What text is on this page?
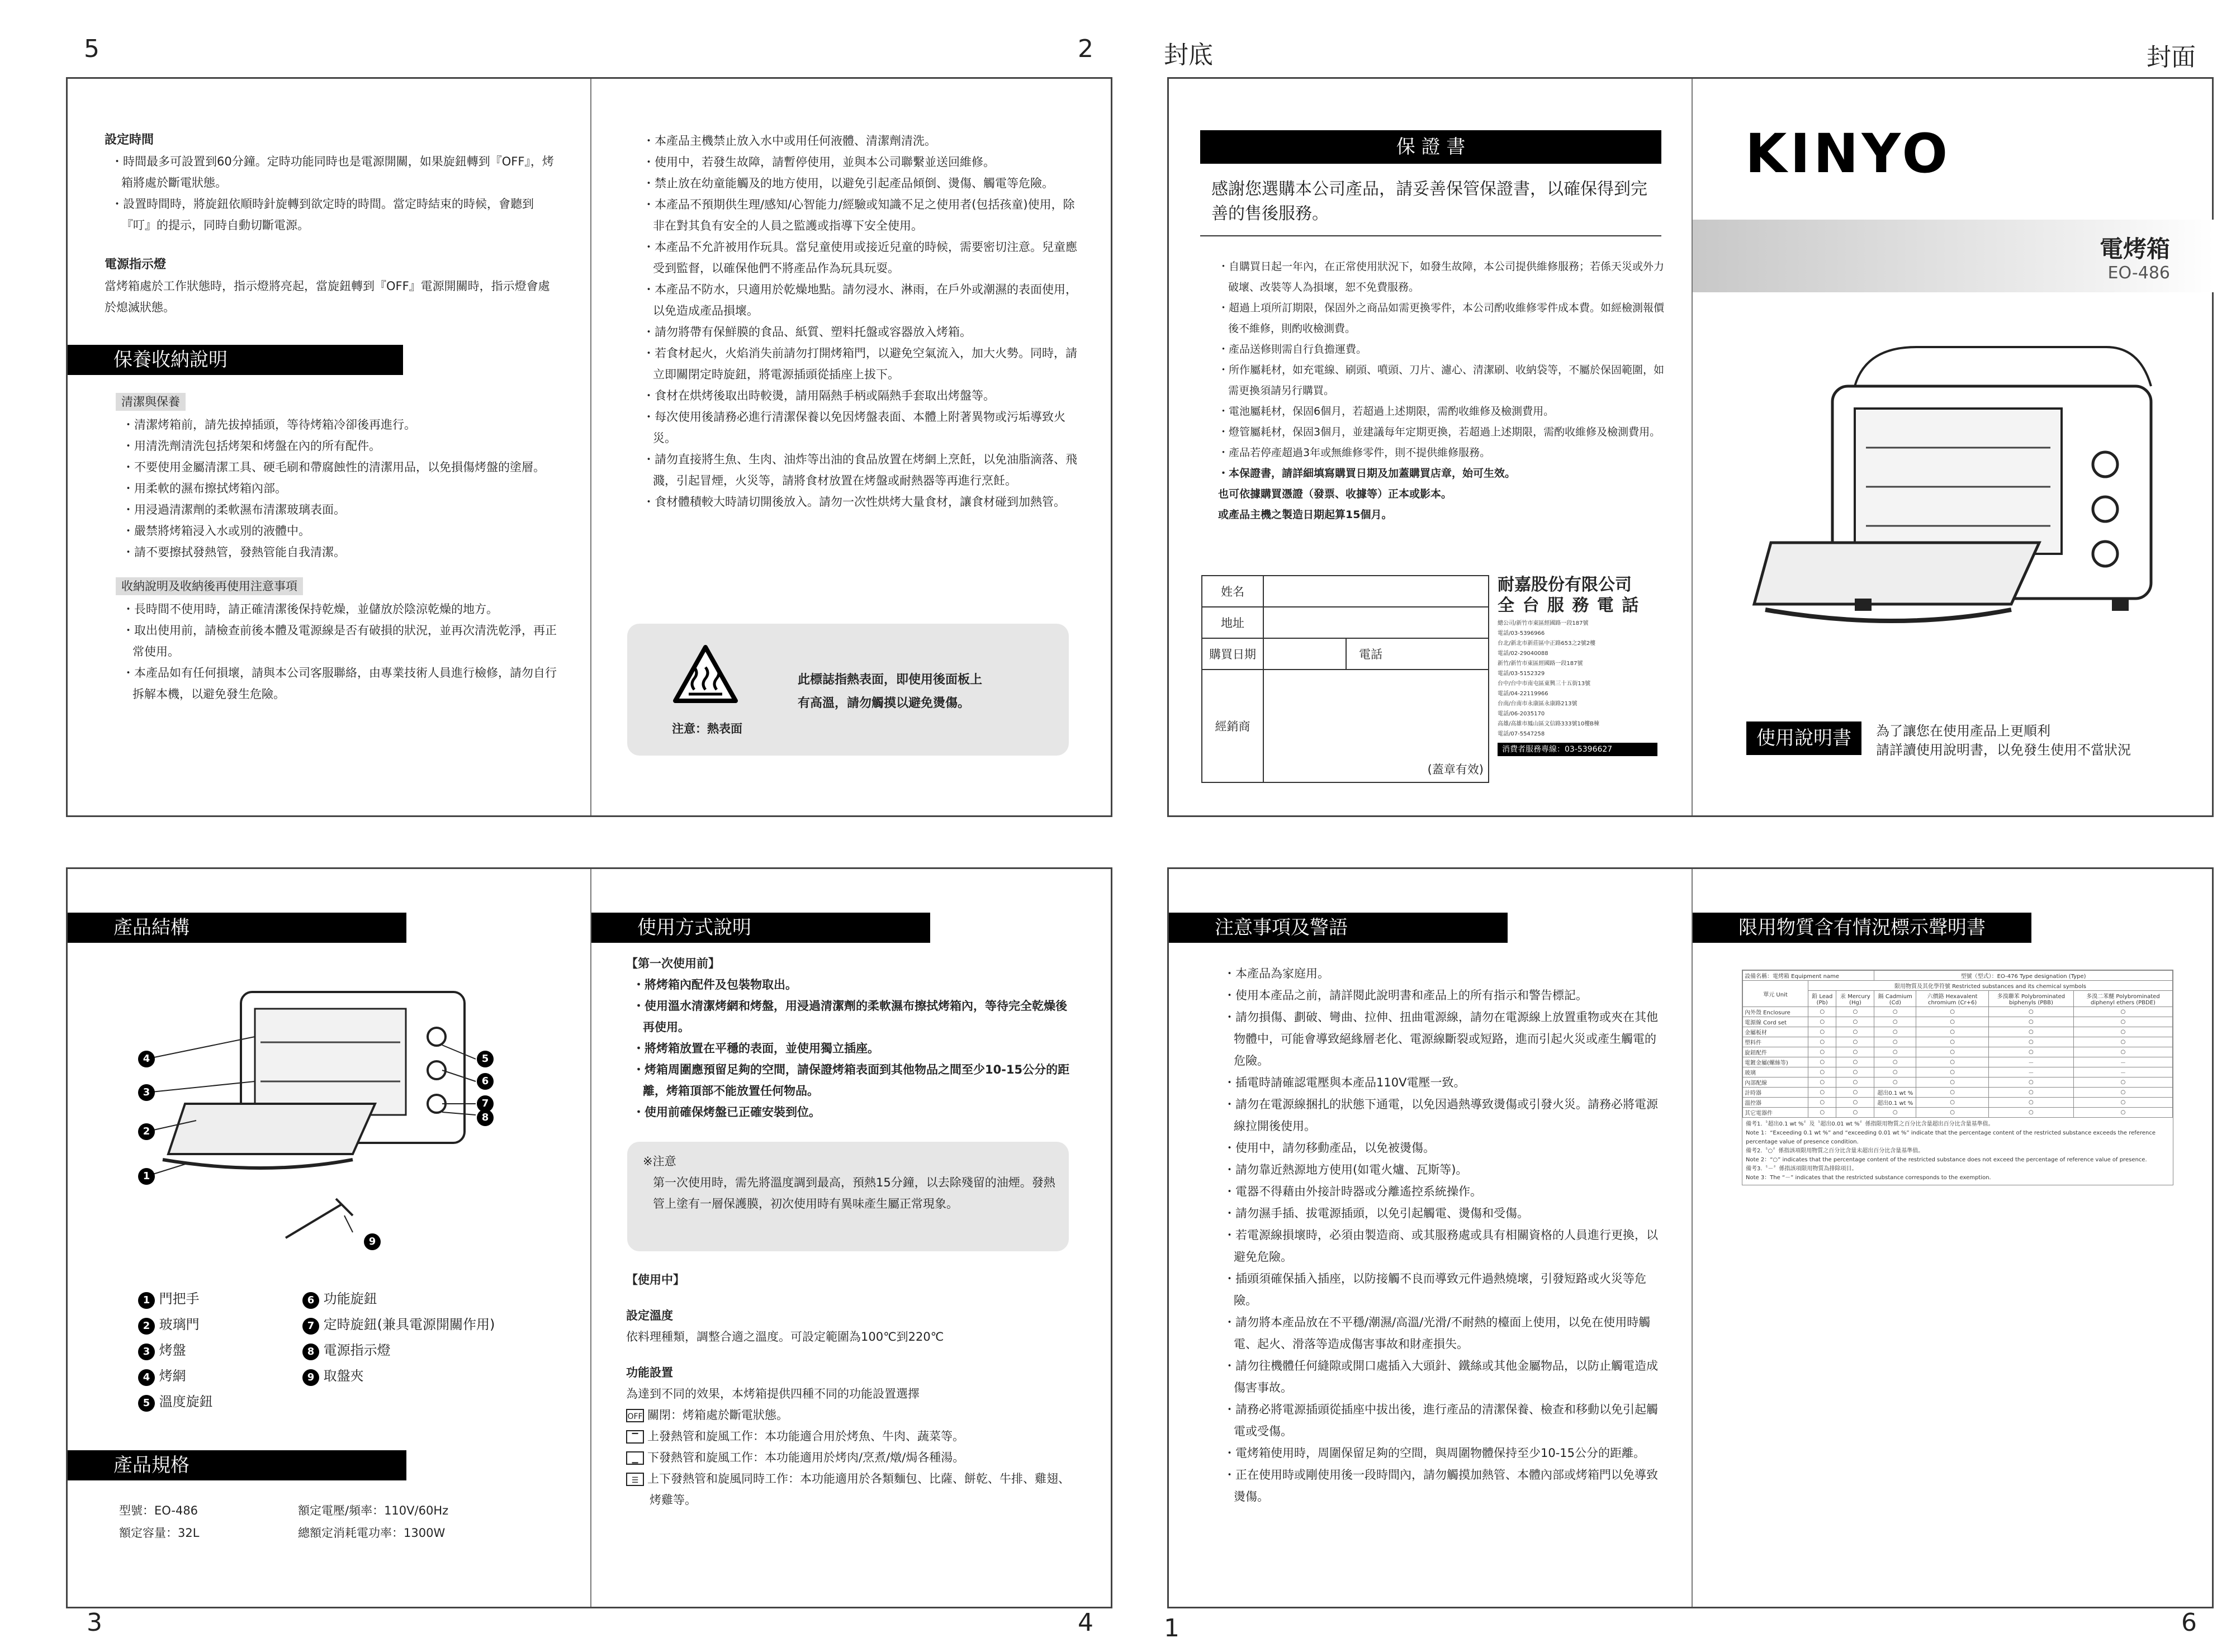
5	2	封底	封面
3	4	1	6
設定時間
・時間最多可設置到60分鐘。定時功能同時也是電源開關，如果旋鈕轉到『OFF』，烤箱將處於斷電狀態。
・設置時間時，將旋鈕依順時針旋轉到欲定時的時間。當定時結束的時候，會聽到『叮』的提示，同時自動切斷電源。
電源指示燈
當烤箱處於工作狀態時，指示燈將亮起，當旋鈕轉到『OFF』電源開關時，指示燈會處於熄滅狀態。
保養收納說明
清潔與保養
・清潔烤箱前，請先拔掉插頭，等待烤箱冷卻後再進行。
・用清洗劑清洗包括烤架和烤盤在內的所有配件。
・不要使用金屬清潔工具、硬毛刷和帶腐蝕性的清潔用品，以免損傷烤盤的塗層。
・用柔軟的濕布擦拭烤箱內部。
・用浸過清潔劑的柔軟濕布清潔玻璃表面。
・嚴禁將烤箱浸入水或別的液體中。
・請不要擦拭發熱管，發熱管能自我清潔。
收納說明及收納後再使用注意事項
・長時間不使用時，請正確清潔後保持乾燥，並儲放於陰涼乾燥的地方。
・取出使用前，請檢查前後本體及電源線是否有破損的狀況，並再次清洗乾淨，再正常使用。
・本產品如有任何損壞，請與本公司客服聯絡，由專業技術人員進行檢修，請勿自行拆解本機，以避免發生危險。
・本產品主機禁止放入水中或用任何液體、清潔劑清洗。
・使用中，若發生故障，請暫停使用，並與本公司聯繫並送回維修。
・禁止放在幼童能觸及的地方使用，以避免引起產品傾倒、燙傷、觸電等危險。
・本產品不預期供生理/感知/心智能力/經驗或知識不足之使用者(包括孩童)使用，除非在對其負有安全的人員之監護或指導下安全使用。
・本產品不允許被用作玩具。當兒童使用或接近兒童的時候，需要密切注意。兒童應受到監督，以確保他們不將產品作為玩具玩耍。
・本產品不防水，只適用於乾燥地點。請勿浸水、淋雨，在戶外或潮濕的表面使用，以免造成產品損壞。
・請勿將帶有保鮮膜的食品、紙質、塑料托盤或容器放入烤箱。
・若食材起火，火焰消失前請勿打開烤箱門，以避免空氣流入，加大火勢。同時，請立即關閉定時旋鈕，將電源插頭從插座上拔下。
・食材在烘烤後取出時較燙，請用隔熱手柄或隔熱手套取出烤盤等。
・每次使用後請務必進行清潔保養以免因烤盤表面、本體上附著異物或污垢導致火災。
・請勿直接將生魚、生肉、油炸等出油的食品放置在烤網上烹飪，以免油脂滴落、飛濺，引起冒煙，火災等，請將食材放置在烤盤或耐熱器等再進行烹飪。
・食材體積較大時請切開後放入。請勿一次性烘烤大量食材，讓食材碰到加熱管。
注意：熱表面
此標誌指熱表面，即使用後面板上
有高溫，請勿觸摸以避免燙傷。
保 證 書
感謝您選購本公司產品，請妥善保管保證書，以確保得到完善的售後服務。
・自購買日起一年內，在正常使用狀況下，如發生故障，本公司提供維修服務；若係天災或外力破壞、改裝等人為損壞，恕不免費服務。
・超過上項所訂期限，保固外之商品如需更換零件，本公司酌收維修零件成本費。如經檢測報價後不維修，則酌收檢測費。
・產品送修則需自行負擔運費。
・所作屬耗材，如充電線、刷頭、噴頭、刀片、濾心、清潔刷、收納袋等，不屬於保固範圍，如需更換須請另行購買。
・電池屬耗材，保固6個月，若超過上述期限，需酌收維修及檢測費用。
・燈管屬耗材，保固3個月，並建議每年定期更換，若超過上述期限，需酌收維修及檢測費用。
・產品若停產超過3年或無維修零件，則不提供維修服務。
・本保證書，請詳細填寫購買日期及加蓋購買店章，始可生效。
也可依據購買憑證（發票、收據等）正本或影本。
或產品主機之製造日期起算15個月。
姓名			
地址			
購買日期		電話	
經銷商	(蓋章有效)		
耐嘉股份有限公司
全 台 服 務 電 話
總公司/新竹市東區經國路一段187號
電話/03-5396966
台北/新北市新莊區中正路653之2號2樓
電話/02-29040088
新竹/新竹市東區經國路一段187號
電話/03-5152329
台中/台中市南屯區東興三十五街13號
電話/04-22119966
台南/台南市永康區永康路213號
電話/06-2035170
高雄/高雄市鳳山區文信路333號10樓B棟
電話/07-5547258
消費者服務專線：03-5396627
KINYO
電烤箱
EO-486
使用說明書	為了讓您在使用產品上更順利
請詳讀使用說明書，以免發生使用不當狀況
產品結構
4
3
2
1
5
6
7
8
9
1 門把手
2 玻璃門
3 烤盤
4 烤網
5 溫度旋鈕
6 功能旋鈕
7 定時旋鈕(兼具電源開關作用)
8 電源指示燈
9 取盤夾
產品規格
型號：EO-486
額定容量：32L
額定電壓/頻率：110V/60Hz
總額定消耗電功率：1300W
使用方式說明
【第一次使用前】
・將烤箱內配件及包裝物取出。
・使用溫水清潔烤網和烤盤，用浸過清潔劑的柔軟濕布擦拭烤箱內，等待完全乾燥後再使用。
・將烤箱放置在平穩的表面，並使用獨立插座。
・烤箱周圍應預留足夠的空間，請保證烤箱表面到其他物品之間至少10-15公分的距離，烤箱頂部不能放置任何物品。
・使用前確保烤盤已正確安裝到位。
※注意
第一次使用時，需先將溫度調到最高，預熱15分鐘，以去除殘留的油煙。發熱管上塗有一層保護膜，初次使用時有異味產生屬正常現象。
【使用中】
設定溫度
依料理種類，調整合適之溫度。可設定範圍為100℃到220℃
功能設置
為達到不同的效果，本烤箱提供四種不同的功能設置選擇
OFF 關閉：烤箱處於斷電狀態。
▔ 上發熱管和旋風工作：本功能適合用於烤魚、牛肉、蔬菜等。
▁ 下發熱管和旋風工作：本功能適用於烤肉/烹煮/燉/焗各種湯。
☰ 上下發熱管和旋風同時工作：本功能適用於各類麵包、比薩、餅乾、牛排、雞翅、烤雞等。
注意事項及警語
・本產品為家庭用。
・使用本產品之前，請詳閱此說明書和產品上的所有指示和警告標記。
・請勿損傷、劃破、彎曲、拉伸、扭曲電源線，請勿在電源線上放置重物或夾在其他物體中，可能會導致絕緣層老化、電源線斷裂或短路，進而引起火災或產生觸電的危險。
・插電時請確認電壓與本產品110V電壓一致。
・請勿在電源線捆扎的狀態下通電，以免因過熱導致燙傷或引發火災。請務必將電源線拉開後使用。
・使用中，請勿移動產品，以免被燙傷。
・請勿靠近熱源地方使用(如電火爐、瓦斯等)。
・電器不得藉由外接計時器或分離遙控系統操作。
・請勿濕手插、拔電源插頭，以免引起觸電、燙傷和受傷。
・若電源線損壞時，必須由製造商、或其服務處或具有相關資格的人員進行更換，以避免危險。
・插頭須確保插入插座，以防接觸不良而導致元件過熱燒壞，引發短路或火災等危險。
・請勿將本產品放在不平穩/潮濕/高溫/光滑/不耐熱的檯面上使用，以免在使用時觸電、起火、滑落等造成傷害事故和財產損失。
・請勿往機體任何縫隙或開口處插入大頭針、鐵絲或其他金屬物品，以防止觸電造成傷害事故。
・請務必將電源插頭從插座中拔出後，進行產品的清潔保養、檢查和移動以免引起觸電或受傷。
・電烤箱使用時，周圍保留足夠的空間，與周圍物體保持至少10-15公分的距離。
・正在使用時或剛使用後一段時間內，請勿觸摸加熱管、本體內部或烤箱門以免導致燙傷。
限用物質含有情況標示聲明書
設備名稱：電烤箱 Equipment name			型號（型式）：EO-476 Type designation (Type)			
單元 Unit	限用物質及其化學符號 Restricted substances and its chemical symbols					
	鉛 Lead (Pb)	汞 Mercury (Hg)	鎘 Cadmium (Cd)	六價鉻 Hexavalent chromium (Cr+6)	多溴聯苯 Polybrominated biphenyls (PBB)	多溴二苯醚 Polybrominated diphenyl ethers (PBDE)
內外殼 Enclosure	○	○	○	○	○	○
電源線 Cord set	○	○	○	○	○	○
金屬板材	○	○	○	○	○	○
塑料件	○	○	○	○	○	○
旋鈕配件	○	○	○	○	○	○
電鍍金屬(螺絲等)	○	○	○	○	－	－
玻璃	○	○	○	○	－	－
內部配線	○	○	○	○	○	○
計時器	○	○	超出0.1 wt %	○	○	○
溫控器	○	○	超出0.1 wt %	○	○	○
其它電器件	○	○	○	○	○	○
備考1.〝超出0.1 wt %〞及〝超出0.01 wt %〞係指限用物質之百分比含量超出百分比含量基準值。
Note 1：“Exceeding 0.1 wt %” and “exceeding 0.01 wt %” indicate that the percentage content of the restricted substance exceeds the reference percentage value of presence condition.
備考2.〝○〞係指該項限用物質之百分比含量未超出百分比含量基準值。
Note 2：“○” indicates that the percentage content of the restricted substance does not exceed the percentage of reference value of presence.
備考3.〝－〞係指該項限用物質為排除項目。
Note 3：The “－” indicates that the restricted substance corresponds to the exemption.
